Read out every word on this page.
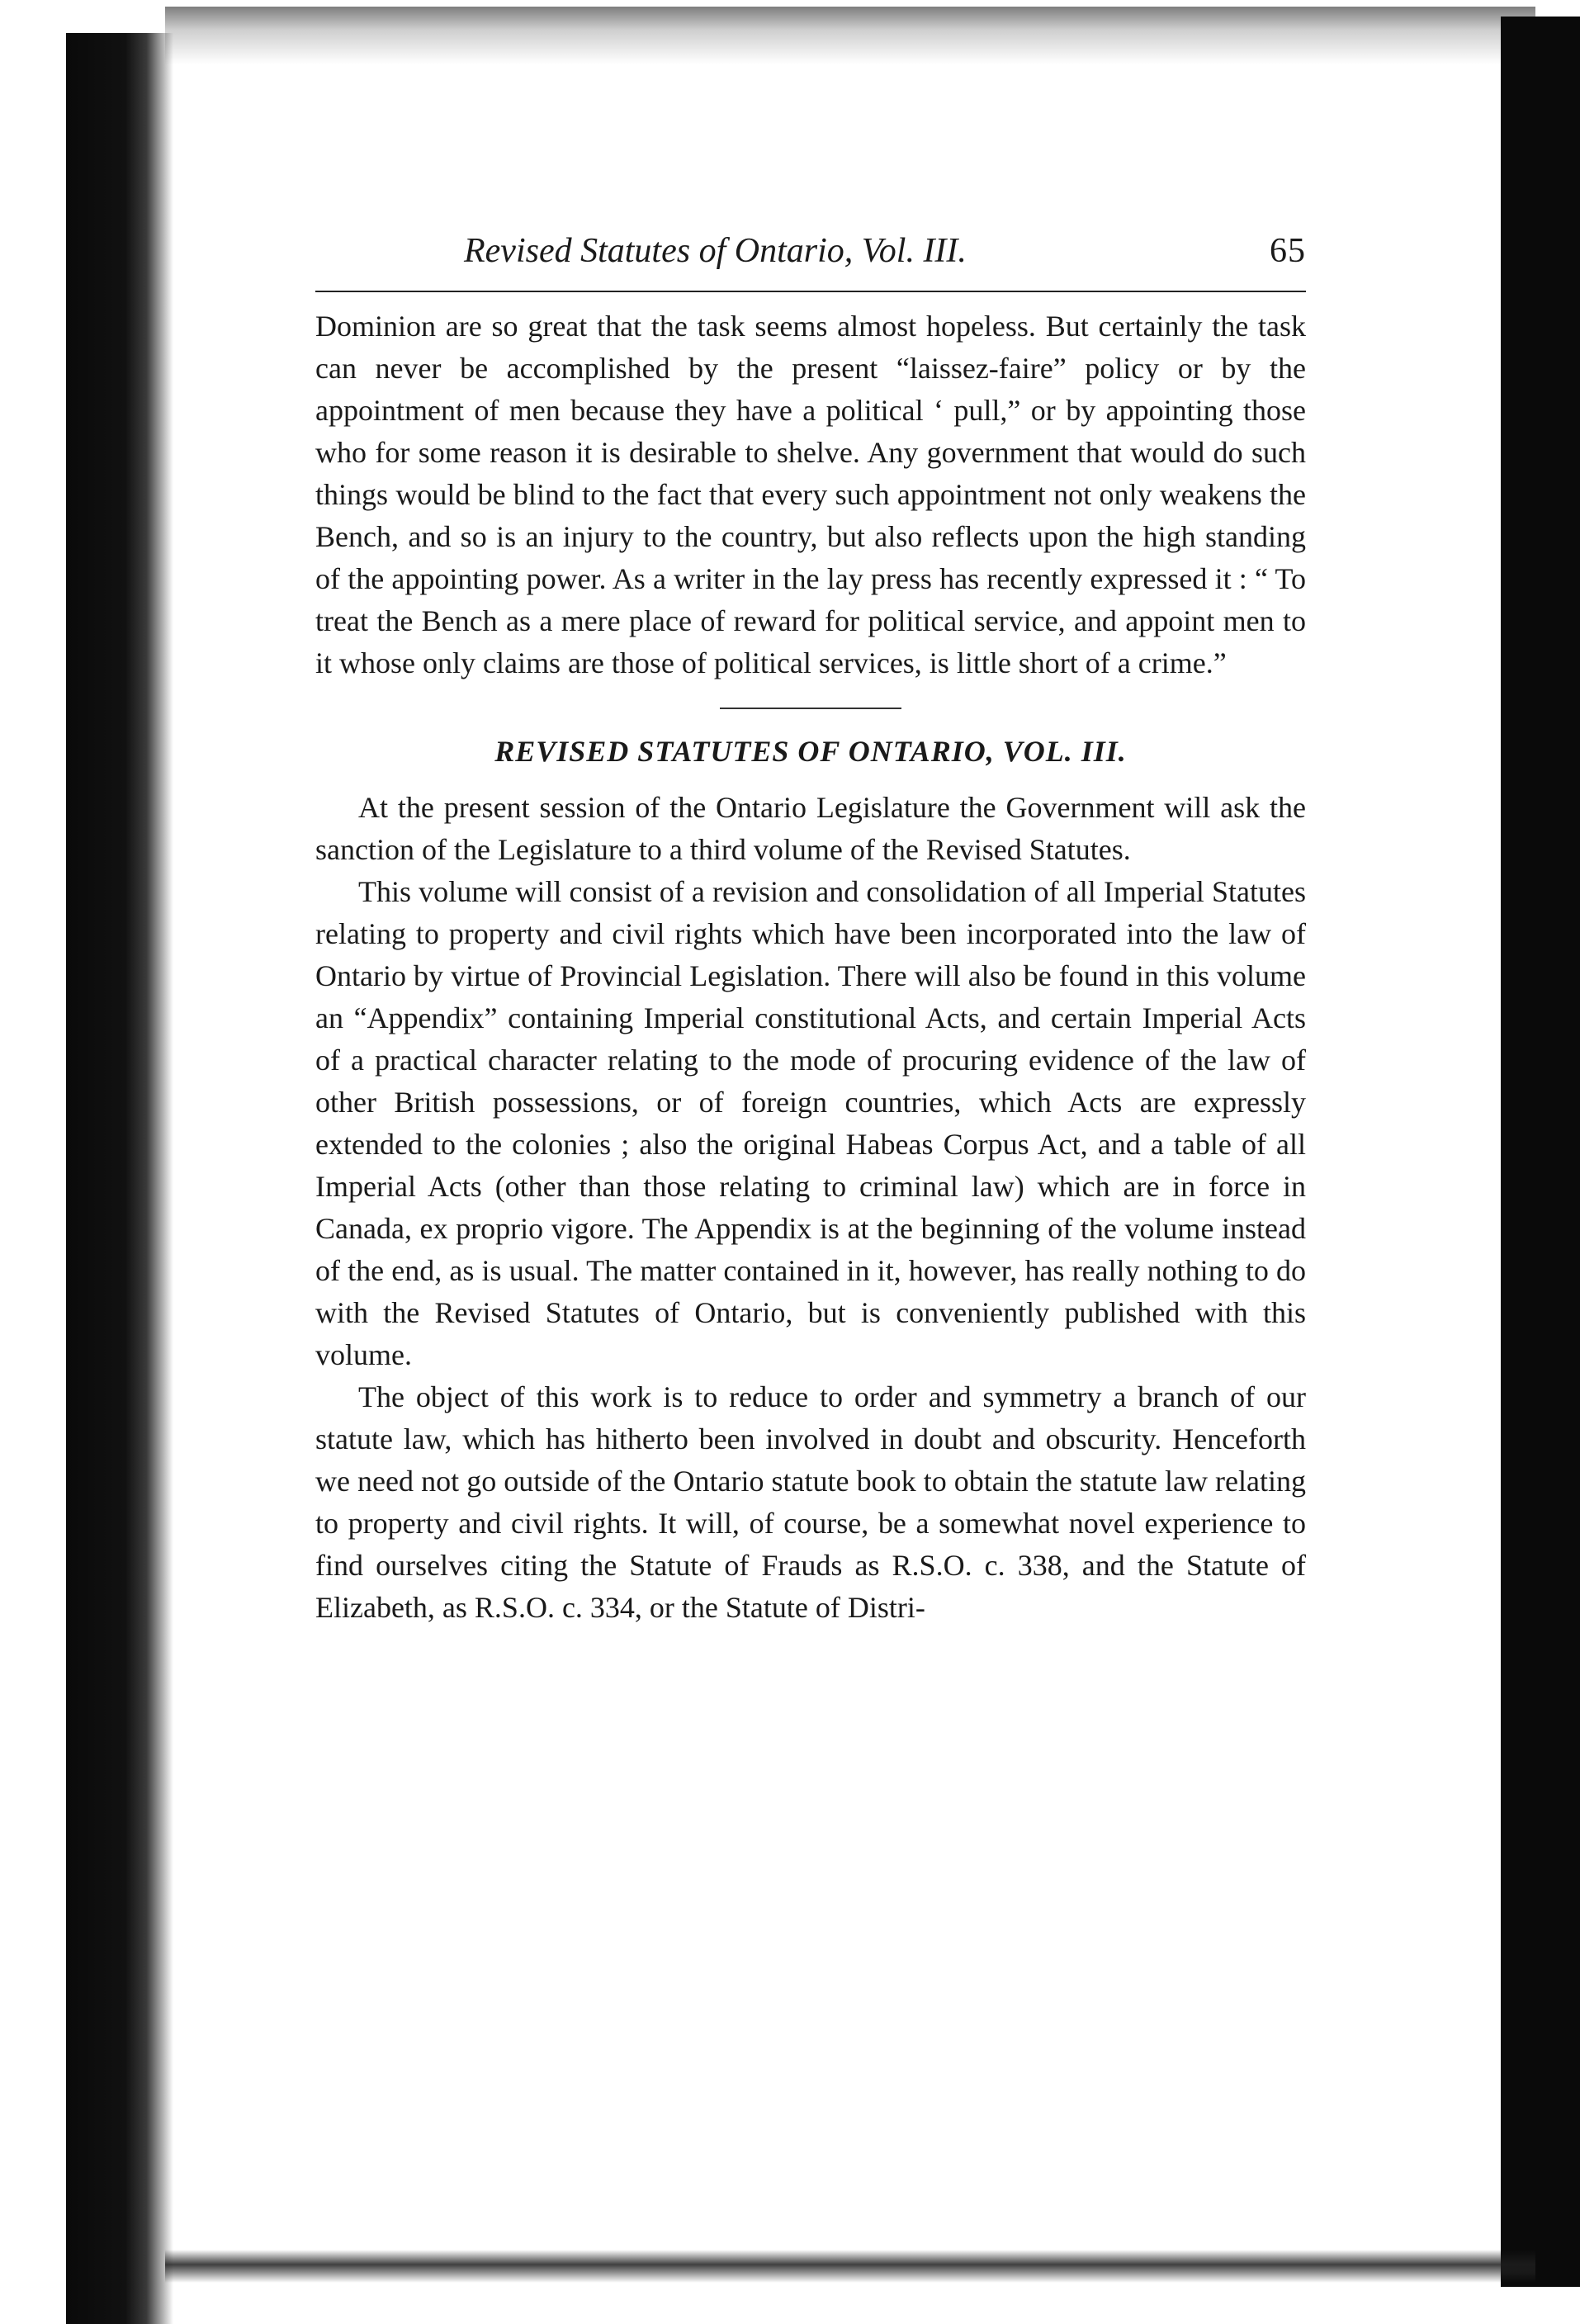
Revised Statutes of Ontario, Vol. III.	65

Dominion are so great that the task seems almost hopeless. But certainly the task can never be accomplished by the present “laissez-faire” policy or by the appointment of men because they have a political ‘ pull,” or by appointing those who for some reason it is desirable to shelve. Any government that would do such things would be blind to the fact that every such appointment not only weakens the Bench, and so is an injury to the country, but also reflects upon the high standing of the appointing power. As a writer in the lay press has recently expressed it : “ To treat the Bench as a mere place of reward for political service, and appoint men to it whose only claims are those of political services, is little short of a crime.”

REVISED STATUTES OF ONTARIO, VOL. III.

At the present session of the Ontario Legislature the Government will ask the sanction of the Legislature to a third volume of the Revised Statutes.

This volume will consist of a revision and consolidation of all Imperial Statutes relating to property and civil rights which have been incorporated into the law of Ontario by virtue of Provincial Legislation. There will also be found in this volume an “Appendix” containing Imperial constitutional Acts, and certain Imperial Acts of a practical character relating to the mode of procuring evidence of the law of other British possessions, or of foreign countries, which Acts are expressly extended to the colonies ; also the original Habeas Corpus Act, and a table of all Imperial Acts (other than those relating to criminal law) which are in force in Canada, ex proprio vigore. The Appendix is at the beginning of the volume instead of the end, as is usual. The matter contained in it, however, has really nothing to do with the Revised Statutes of Ontario, but is conveniently published with this volume.

The object of this work is to reduce to order and symmetry a branch of our statute law, which has hitherto been involved in doubt and obscurity. Henceforth we need not go outside of the Ontario statute book to obtain the statute law relating to property and civil rights. It will, of course, be a somewhat novel experience to find ourselves citing the Statute of Frauds as R.S.O. c. 338, and the Statute of Elizabeth, as R.S.O. c. 334, or the Statute of Distri-
